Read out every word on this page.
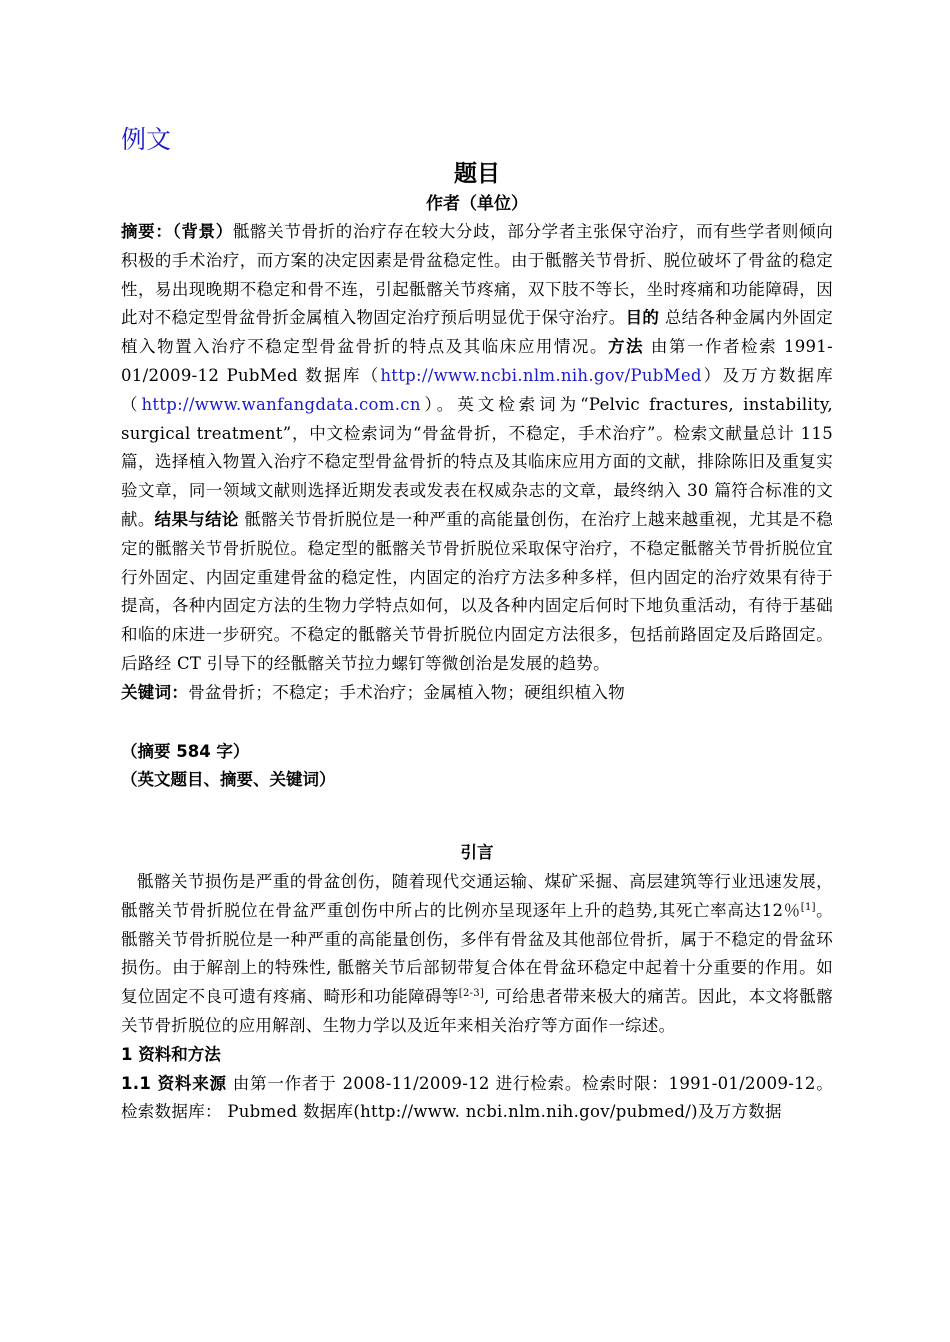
例文
题目
作者（单位）
摘要：（背景）骶髂关节骨折的治疗存在较大分歧，部分学者主张保守治疗，而有些学者则倾向积极的手术治疗，而方案的决定因素是骨盆稳定性。由于骶髂关节骨折、脱位破坏了骨盆的稳定性，易出现晚期不稳定和骨不连，引起骶髂关节疼痛，双下肢不等长，坐时疼痛和功能障碍，因此对不稳定型骨盆骨折金属植入物固定治疗预后明显优于保守治疗。目的 总结各种金属内外固定植入物置入治疗不稳定型骨盆骨折的特点及其临床应用情况。方法 由第一作者检索 1991-01/2009-12 PubMed 数据库（http://www.ncbi.nlm.nih.gov/PubMed）及万方数据库（http://www.wanfangdata.com.cn）。英文检索词为“Pelvic fractures, instability, surgical treatment”，中文检索词为“骨盆骨折，不稳定，手术治疗”。检索文献量总计 115 篇，选择植入物置入治疗不稳定型骨盆骨折的特点及其临床应用方面的文献，排除陈旧及重复实验文章，同一领域文献则选择近期发表或发表在权威杂志的文章，最终纳入 30 篇符合标准的文献。结果与结论 骶髂关节骨折脱位是一种严重的高能量创伤，在治疗上越来越重视，尤其是不稳定的骶髂关节骨折脱位。稳定型的骶髂关节骨折脱位采取保守治疗，不稳定骶髂关节骨折脱位宜行外固定、内固定重建骨盆的稳定性，内固定的治疗方法多种多样，但内固定的治疗效果有待于提高，各种内固定方法的生物力学特点如何，以及各种内固定后何时下地负重活动，有待于基础和临的床进一步研究。不稳定的骶髂关节骨折脱位内固定方法很多，包括前路固定及后路固定。后路经 CT 引导下的经骶髂关节拉力螺钉等微创治是发展的趋势。
关键词：骨盆骨折；不稳定；手术治疗；金属植入物；硬组织植入物
（摘要 584 字）
（英文题目、摘要、关键词）
引言
骶髂关节损伤是严重的骨盆创伤，随着现代交通运输、煤矿采掘、高层建筑等行业迅速发展，骶髂关节骨折脱位在骨盆严重创伤中所占的比例亦呈现逐年上升的趋势,其死亡率高达12％[1]。骶髂关节骨折脱位是一种严重的高能量创伤，多伴有骨盆及其他部位骨折，属于不稳定的骨盆环损伤。由于解剖上的特殊性, 骶髂关节后部韧带复合体在骨盆环稳定中起着十分重要的作用。如复位固定不良可遗有疼痛、畸形和功能障碍等[2-3], 可给患者带来极大的痛苦。因此，本文将骶髂关节骨折脱位的应用解剖、生物力学以及近年来相关治疗等方面作一综述。
1 资料和方法
1.1 资料来源 由第一作者于 2008-11/2009-12 进行检索。检索时限：1991-01/2009-12。检索数据库： Pubmed 数据库(http://www. ncbi.nlm.nih.gov/pubmed/)及万方数据
